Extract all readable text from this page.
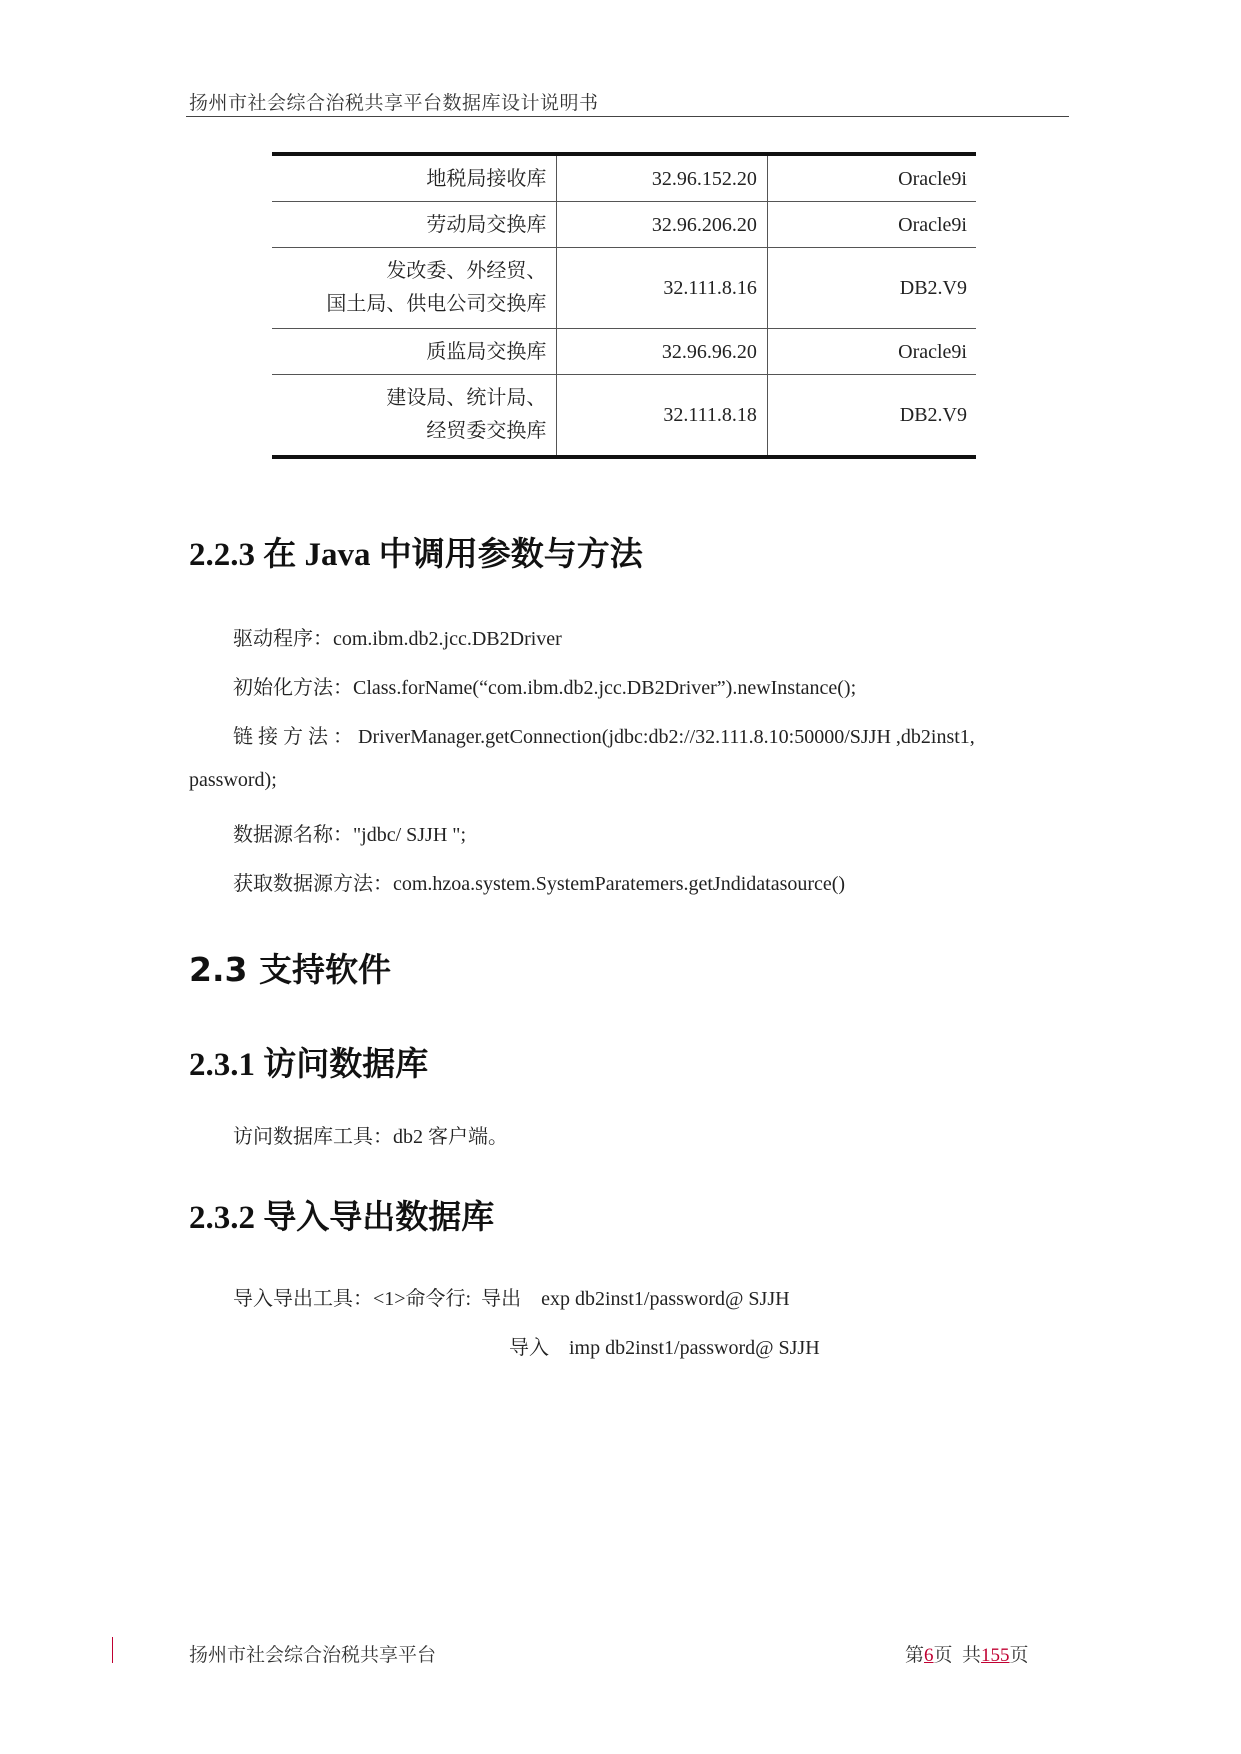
扬州市社会综合治税共享平台数据库设计说明书
地税局接收库	32.96.152.20	Oracle9i

劳动局交换库	32.96.206.20	Oracle9i

发改委、外经贸、
国土局、供电公司交换库	32.111.8.16	DB2.V9

质监局交换库	32.96.96.20	Oracle9i

建设局、统计局、
经贸委交换库	32.111.8.18	DB2.V9
2.2.3 在 Java 中调用参数与方法
驱动程序：com.ibm.db2.jcc.DB2Driver
初始化方法：Class.forName(“com.ibm.db2.jcc.DB2Driver”).newInstance();
链 接 方 法 ： DriverManager.getConnection(jdbc:db2://32.111.8.10:50000/SJJH ,db2inst1,
password);
数据源名称："jdbc/ SJJH ";
获取数据源方法：com.hzoa.system.SystemParatemers.getJndidatasource()
2.3 支持软件
2.3.1 访问数据库
访问数据库工具：db2 客户端。
2.3.2 导入导出数据库
导入导出工具：<1>命令行:  导出    exp db2inst1/password@ SJJH
导入    imp db2inst1/password@ SJJH
扬州市社会综合治税共享平台	第6页  共155页
